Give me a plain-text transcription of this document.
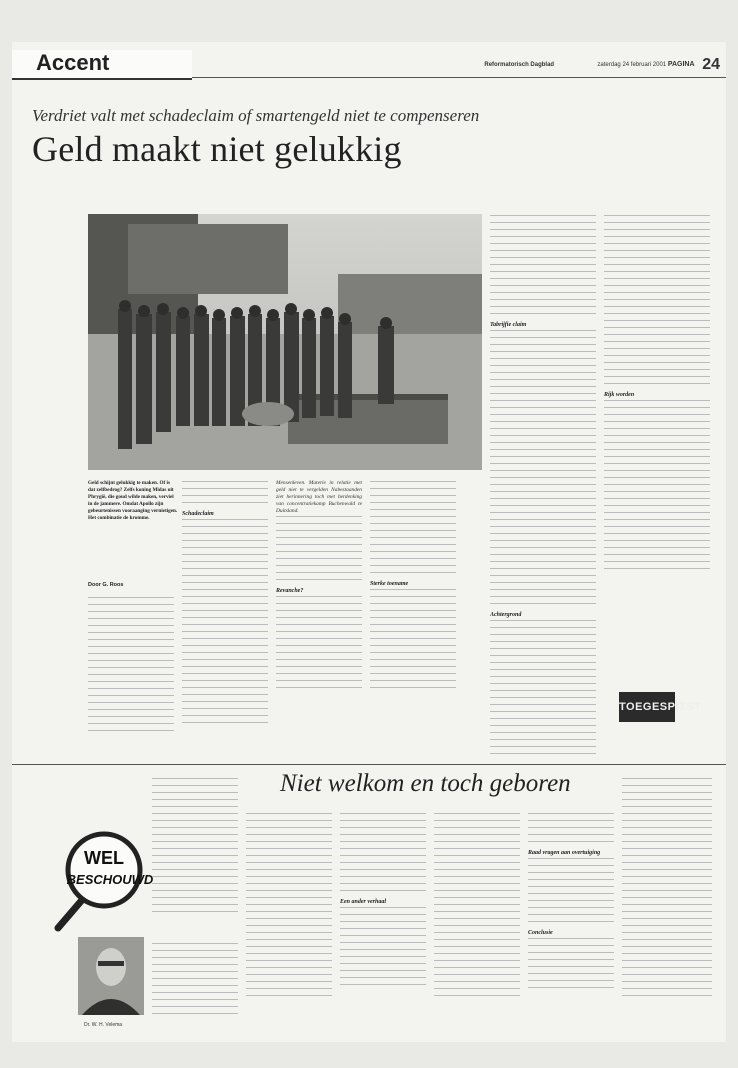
Accent	Reformatorisch Dagblad	zaterdag 24 februari 2001 PAGINA 24
Verdriet valt met schadeclaim of smartengeld niet te compenseren
Geld maakt niet gelukkig
Geld schijnt gelukkig te maken. Of is dat zelfbedrog? Zelfs koning Midas uit Phrygië, die goud wilde maken, verviel in de jammere. Omdat Apollo zijn gebeurtenissen vooraanging vernietigen. Het combinatie de kromme.
Door G. Roos
Schadeclaim
Mensenleven. Materie in relatie met geld niet te vergelden Nabestaanden ziet herinnering toch met herdenking van concentratiekamp Buchenwald te Duitsland.
Revanche?
Sterke toename
Tabrijfie claim
Achtergrond
Rijk worden
TOEGESPITST
Niet welkom en toch geboren
WEL
BESCHOUWD
Dr. W. H. Velema
Een ander verhaal
Raad vragen aan overtuiging
Conclusie
